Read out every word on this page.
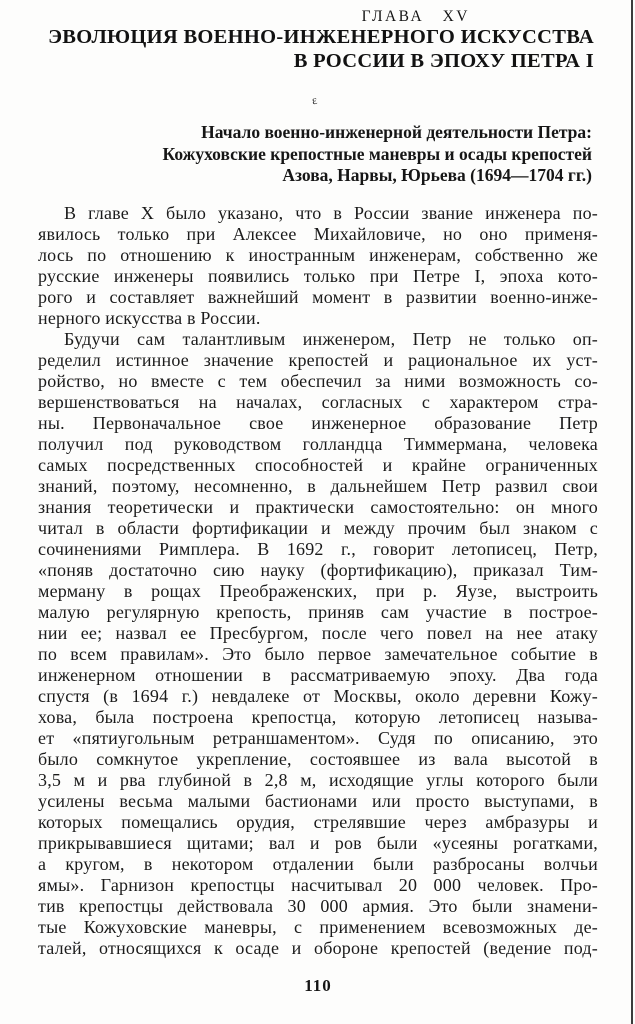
ГЛАВА XV
ЭВОЛЮЦИЯ ВОЕННО-ИНЖЕНЕРНОГО ИСКУССТВА
В РОССИИ В ЭПОХУ ПЕТРА I
ε
Начало военно-инженерной деятельности Петра:
Кожуховские крепостные маневры и осады крепостей
Азова, Нарвы, Юрьева (1694—1704 гг.)
В главе X было указано, что в России звание инженера по-
явилось только при Алексее Михайловиче, но оно применя-
лось по отношению к иностранным инженерам, собственно же
русские инженеры появились только при Петре I, эпоха кото-
рого и составляет важнейший момент в развитии военно-инже-
нерного искусства в России.
Будучи сам талантливым инженером, Петр не только оп-
ределил истинное значение крепостей и рациональное их уст-
ройство, но вместе с тем обеспечил за ними возможность со-
вершенствоваться на началах, согласных с характером стра-
ны. Первоначальное свое инженерное образование Петр
получил под руководством голландца Тиммермана, человека
самых посредственных способностей и крайне ограниченных
знаний, поэтому, несомненно, в дальнейшем Петр развил свои
знания теоретически и практически самостоятельно: он много
читал в области фортификации и между прочим был знаком с
сочинениями Римплера. В 1692 г., говорит летописец, Петр,
«поняв достаточно сию науку (фортификацию), приказал Тим-
мерману в рощах Преображенских, при р. Яузе, выстроить
малую регулярную крепость, приняв сам участие в построе-
нии ее; назвал ее Пресбургом, после чего повел на нее атаку
по всем правилам». Это было первое замечательное событие в
инженерном отношении в рассматриваемую эпоху. Два года
спустя (в 1694 г.) невдалеке от Москвы, около деревни Кожу-
хова, была построена крепостца, которую летописец называ-
ет «пятиугольным ретраншаментом». Судя по описанию, это
было сомкнутое укрепление, состоявшее из вала высотой в
3,5 м и рва глубиной в 2,8 м, исходящие углы которого были
усилены весьма малыми бастионами или просто выступами, в
которых помещались орудия, стрелявшие через амбразуры и
прикрывавшиеся щитами; вал и ров были «усеяны рогатками,
а кругом, в некотором отдалении были разбросаны волчьи
ямы». Гарнизон крепостцы насчитывал 20 000 человек. Про-
тив крепостцы действовала 30 000 армия. Это были знамени-
тые Кожуховские маневры, с применением всевозможных де-
талей, относящихся к осаде и обороне крепостей (ведение под-
110
